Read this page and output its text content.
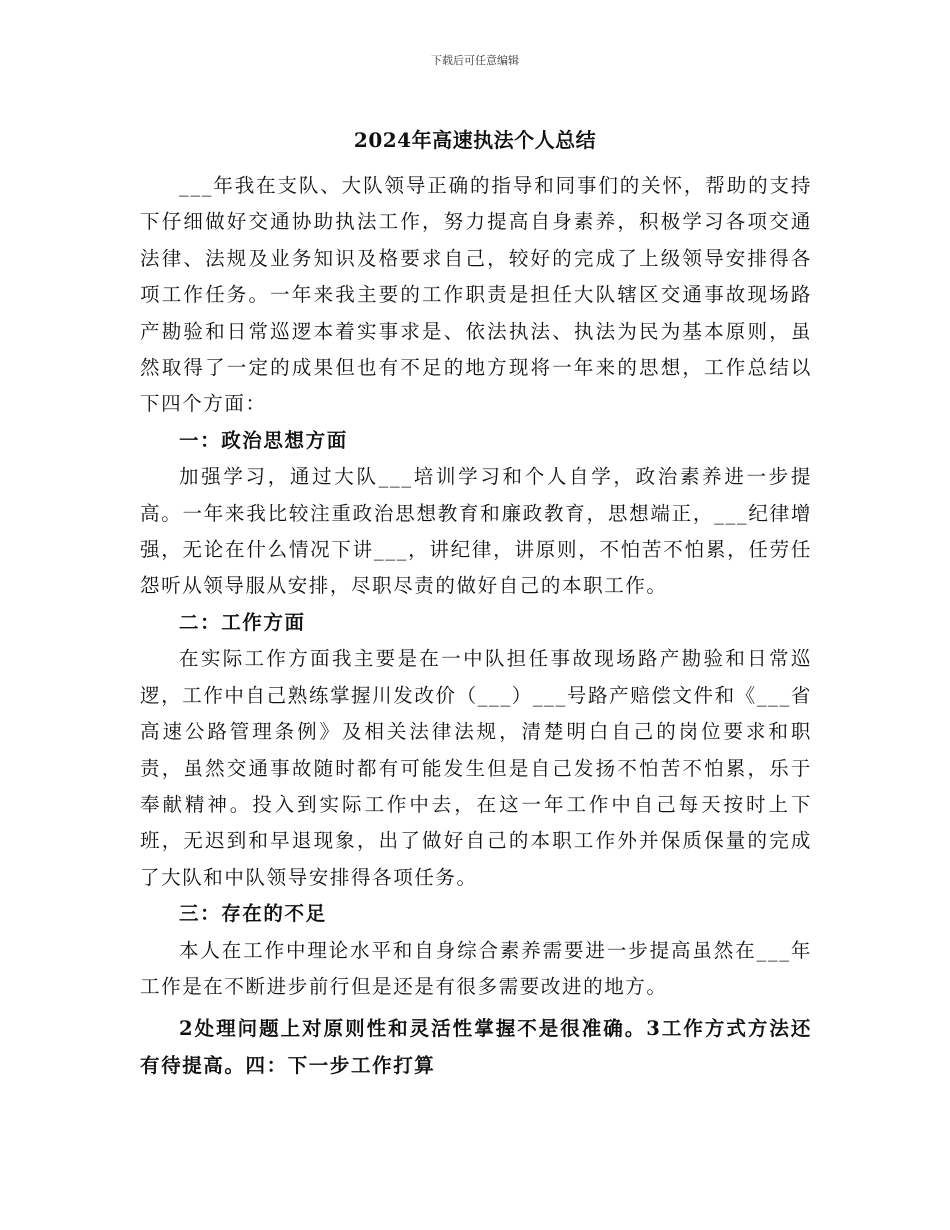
下载后可任意编辑
2024年高速执法个人总结

___年我在支队、大队领导正确的指导和同事们的关怀，帮助的支持下仔细做好交通协助执法工作，努力提高自身素养，积极学习各项交通法律、法规及业务知识及格要求自己，较好的完成了上级领导安排得各项工作任务。一年来我主要的工作职责是担任大队辖区交通事故现场路产勘验和日常巡逻本着实事求是、依法执法、执法为民为基本原则，虽然取得了一定的成果但也有不足的地方现将一年来的思想，工作总结以下四个方面：

一：政治思想方面

加强学习，通过大队___培训学习和个人自学，政治素养进一步提高。一年来我比较注重政治思想教育和廉政教育，思想端正，___纪律增强，无论在什么情况下讲___，讲纪律，讲原则，不怕苦不怕累，任劳任怨听从领导服从安排，尽职尽责的做好自己的本职工作。

二：工作方面

在实际工作方面我主要是在一中队担任事故现场路产勘验和日常巡逻，工作中自己熟练掌握川发改价（___）___号路产赔偿文件和《___省高速公路管理条例》及相关法律法规，清楚明白自己的岗位要求和职责，虽然交通事故随时都有可能发生但是自己发扬不怕苦不怕累，乐于奉献精神。投入到实际工作中去，在这一年工作中自己每天按时上下班，无迟到和早退现象，出了做好自己的本职工作外并保质保量的完成了大队和中队领导安排得各项任务。

三：存在的不足

本人在工作中理论水平和自身综合素养需要进一步提高虽然在___年工作是在不断进步前行但是还是有很多需要改进的地方。

2处理问题上对原则性和灵活性掌握不是很准确。3工作方式方法还有待提高。四：下一步工作打算
